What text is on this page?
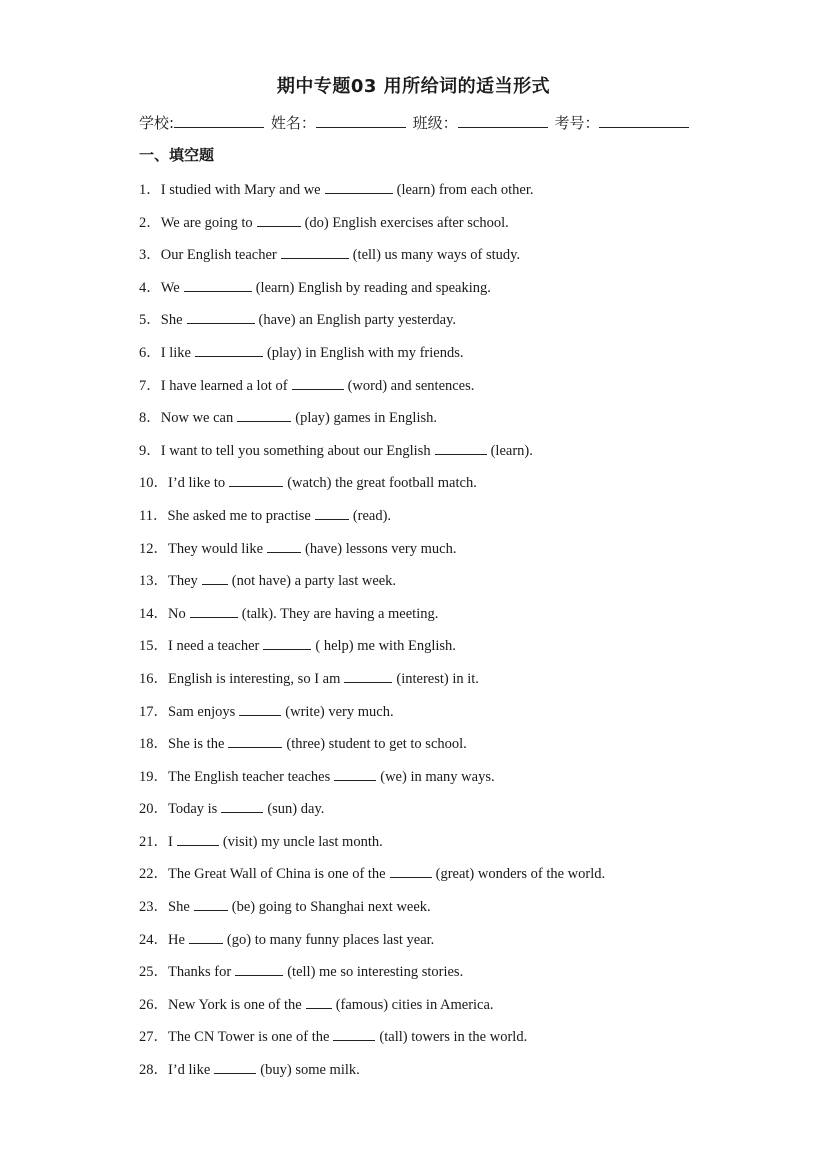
期中专题03 用所给词的适当形式
学校:	姓名：	班级：	考号：
一、填空题
1．I studied with Mary and we	(learn) from each other.
2．We are going to	(do) English exercises after school.
3．Our English teacher	(tell) us many ways of study.
4．We	(learn) English by reading and speaking.
5．She	(have) an English party yesterday.
6．I like	(play) in English with my friends.
7．I have learned a lot of	(word) and sentences.
8．Now we can	(play) games in English.
9．I want to tell you something about our English	(learn).
10．I’d like to	(watch) the great football match.
11．She asked me to practise	(read).
12．They would like	(have) lessons very much.
13．They (not have) a party last week.
14．No	(talk). They are having a meeting.
15．I need a teacher	( help) me with English.
16．English is interesting, so I am	(interest) in it.
17．Sam enjoys	(write) very much.
18．She is the	(three) student to get to school.
19．The English teacher teaches	(we) in many ways.
20．Today is	(sun) day.
21．I	(visit) my uncle last month.
22．The Great Wall of China is one of the	(great) wonders of the world.
23．She	(be) going to Shanghai next week.
24．He	(go) to many funny places last year.
25．Thanks for	(tell) me so interesting stories.
26．New York is one of the (famous) cities in America.
27．The CN Tower is one of the	(tall) towers in the world.
28．I’d like	(buy) some milk.
